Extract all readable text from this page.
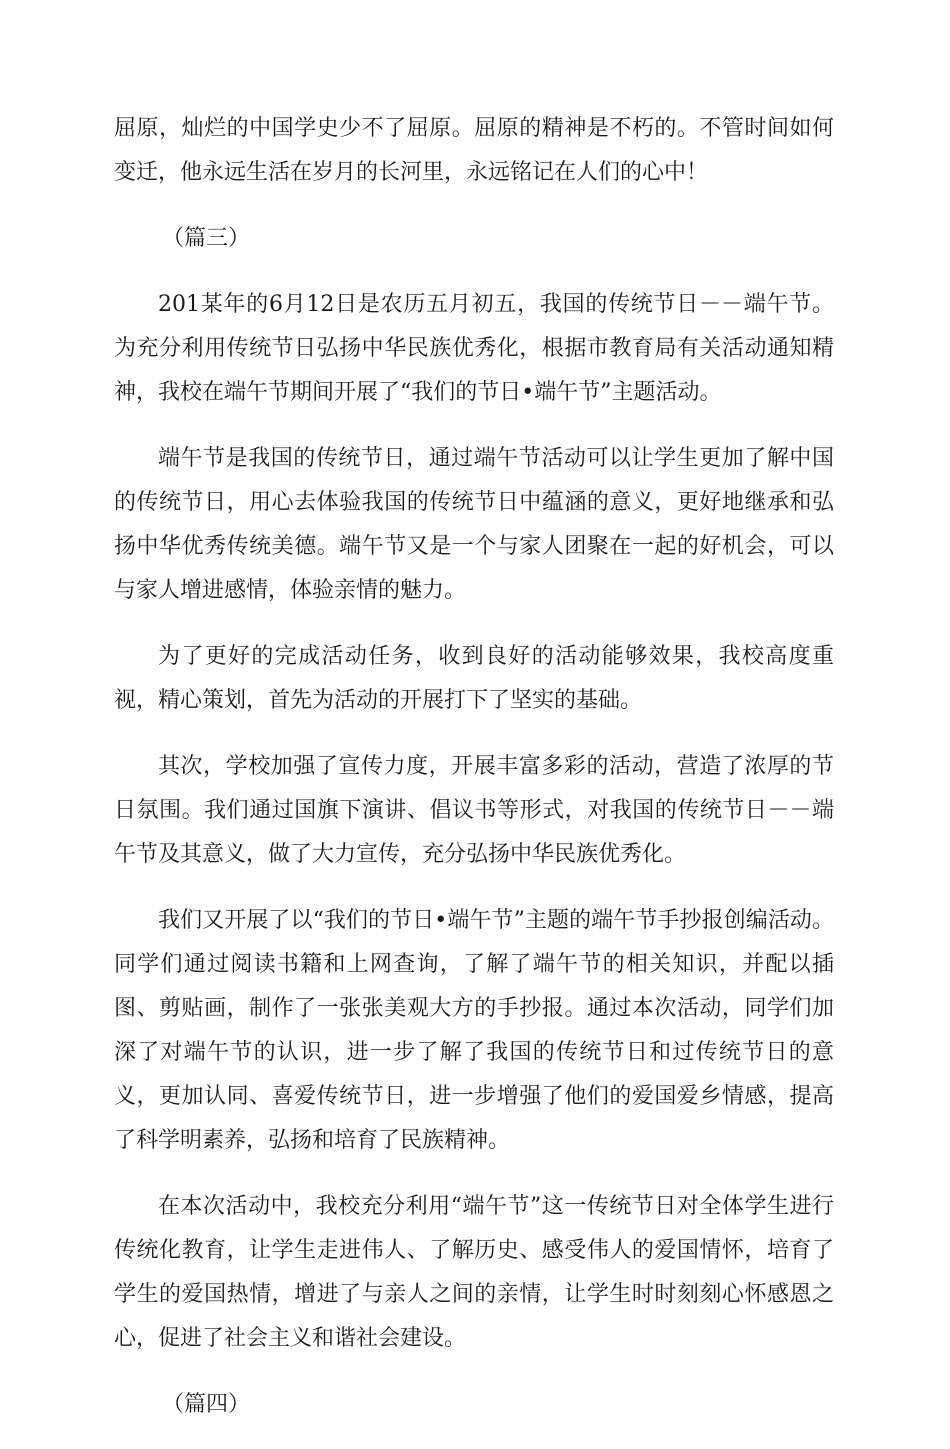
屈原，灿烂的中国学史少不了屈原。屈原的精神是不朽的。不管时间如何变迁，他永远生活在岁月的长河里，永远铭记在人们的心中！

（篇三）

201某年的6月12日是农历五月初五，我国的传统节日－－端午节。为充分利用传统节日弘扬中华民族优秀化，根据市教育局有关活动通知精神，我校在端午节期间开展了“我们的节日•端午节”主题活动。

端午节是我国的传统节日，通过端午节活动可以让学生更加了解中国的传统节日，用心去体验我国的传统节日中蕴涵的意义，更好地继承和弘扬中华优秀传统美德。端午节又是一个与家人团聚在一起的好机会，可以与家人增进感情，体验亲情的魅力。

为了更好的完成活动任务，收到良好的活动能够效果，我校高度重视，精心策划，首先为活动的开展打下了坚实的基础。

其次，学校加强了宣传力度，开展丰富多彩的活动，营造了浓厚的节日氛围。我们通过国旗下演讲、倡议书等形式，对我国的传统节日－－端午节及其意义，做了大力宣传，充分弘扬中华民族优秀化。

我们又开展了以“我们的节日•端午节”主题的端午节手抄报创编活动。同学们通过阅读书籍和上网查询，了解了端午节的相关知识，并配以插图、剪贴画，制作了一张张美观大方的手抄报。通过本次活动，同学们加深了对端午节的认识，进一步了解了我国的传统节日和过传统节日的意义，更加认同、喜爱传统节日，进一步增强了他们的爱国爱乡情感，提高了科学明素养，弘扬和培育了民族精神。

在本次活动中，我校充分利用“端午节”这一传统节日对全体学生进行传统化教育，让学生走进伟人、了解历史、感受伟人的爱国情怀，培育了学生的爱国热情，增进了与亲人之间的亲情，让学生时时刻刻心怀感恩之心，促进了社会主义和谐社会建设。

（篇四）
